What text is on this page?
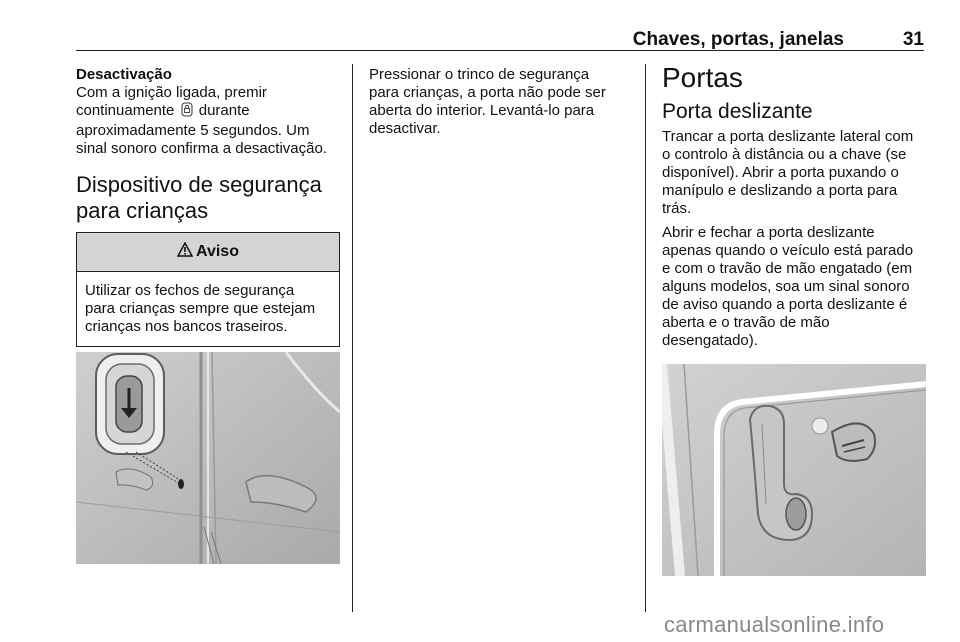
Chaves, portas, janelas	31

Desactivação

Com a ignição ligada, premir
continuamente durante
aproximadamente 5 segundos. Um
sinal sonoro confirma a desactivação.

Dispositivo de segurança
para crianças
Aviso
Utilizar os fechos de segurança
para crianças sempre que estejam
crianças nos bancos traseiros.

Pressionar o trinco de segurança
para crianças, a porta não pode ser
aberta do interior. Levantá-lo para
desactivar.

Portas
Porta deslizante

Trancar a porta deslizante lateral com
o controlo à distância ou a chave (se
disponível). Abrir a porta puxando o
manípulo e deslizando a porta para
trás.

Abrir e fechar a porta deslizante
apenas quando o veículo está parado
e com o travão de mão engatado (em
alguns modelos, soa um sinal sonoro
de aviso quando a porta deslizante é
aberta e o travão de mão
desengatado).

carmanualsonline.info
